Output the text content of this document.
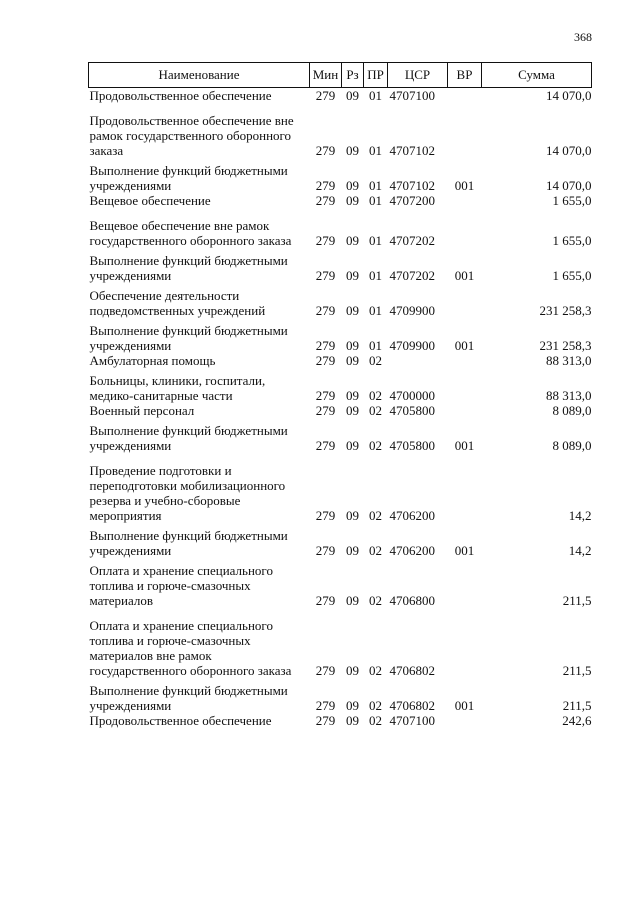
368
Наименование	Мин	Рз	ПР	ЦСР	ВР	Сумма
Продовольственное обеспечение	279	09	01	4707100		14 070,0
Продовольственное обеспечение вне рамок государственного оборонного заказа	279	09	01	4707102		14 070,0
Выполнение функций бюджетными учреждениями	279	09	01	4707102	001	14 070,0
Вещевое обеспечение	279	09	01	4707200		1 655,0
Вещевое обеспечение вне рамок государственного оборонного заказа	279	09	01	4707202		1 655,0
Выполнение функций бюджетными учреждениями	279	09	01	4707202	001	1 655,0
Обеспечение деятельности подведомственных учреждений	279	09	01	4709900		231 258,3
Выполнение функций бюджетными учреждениями	279	09	01	4709900	001	231 258,3
Амбулаторная помощь	279	09	02			88 313,0
Больницы, клиники, госпитали, медико-санитарные части	279	09	02	4700000		88 313,0
Военный персонал	279	09	02	4705800		8 089,0
Выполнение функций бюджетными учреждениями	279	09	02	4705800	001	8 089,0
Проведение подготовки и переподготовки мобилизационного резерва и учебно-сборовые мероприятия	279	09	02	4706200		14,2
Выполнение функций бюджетными учреждениями	279	09	02	4706200	001	14,2
Оплата и хранение специального топлива и горюче-смазочных материалов	279	09	02	4706800		211,5
Оплата и хранение специального топлива и горюче-смазочных материалов вне рамок государственного оборонного заказа	279	09	02	4706802		211,5
Выполнение функций бюджетными учреждениями	279	09	02	4706802	001	211,5
Продовольственное обеспечение	279	09	02	4707100		242,6
